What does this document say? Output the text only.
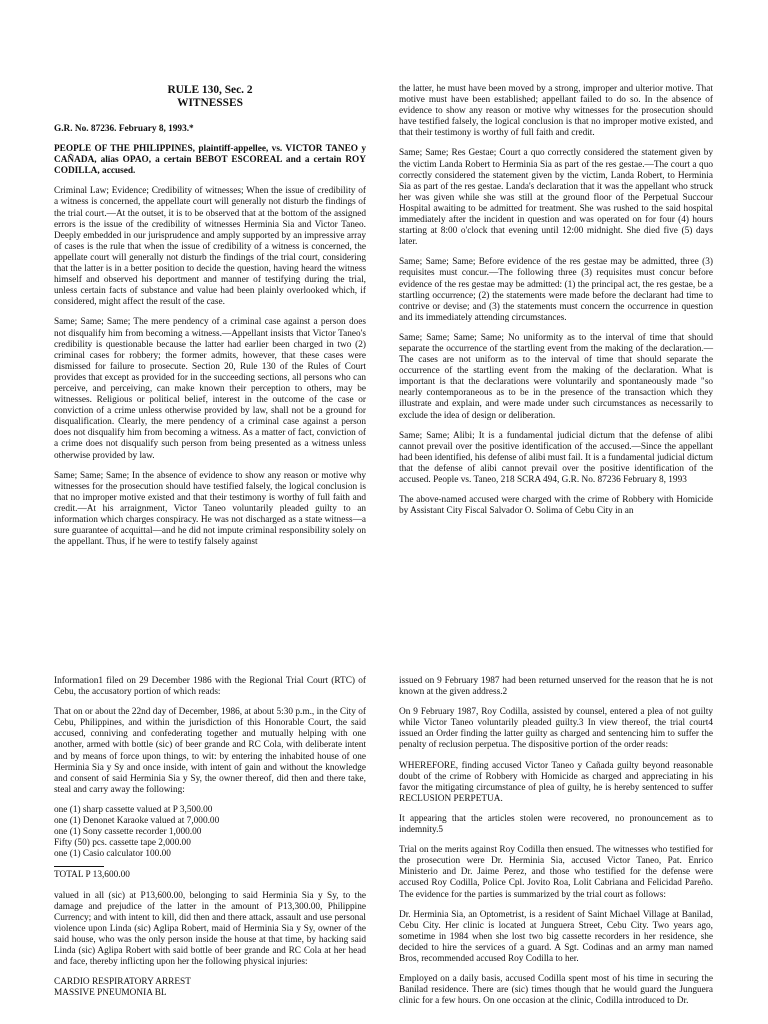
RULE 130, Sec. 2
WITNESSES

G.R. No. 87236. February 8, 1993.*

PEOPLE OF THE PHILIPPINES, plaintiff-appellee, vs. VICTOR TANEO y CAÑADA, alias OPAO, a certain BEBOT ESCOREAL and a certain ROY CODILLA, accused.

Criminal Law; Evidence; Credibility of witnesses; When the issue of credibility of a witness is concerned, the appellate court will generally not disturb the findings of the trial court.—At the outset, it is to be observed that at the bottom of the assigned errors is the issue of the credibility of witnesses Herminia Sia and Victor Taneo. Deeply embedded in our jurisprudence and amply supported by an impressive array of cases is the rule that when the issue of credibility of a witness is concerned, the appellate court will generally not disturb the findings of the trial court, considering that the latter is in a better position to decide the question, having heard the witness himself and observed his deportment and manner of testifying during the trial, unless certain facts of substance and value had been plainly overlooked which, if considered, might affect the result of the case.

Same; Same; Same; The mere pendency of a criminal case against a person does not disqualify him from becoming a witness.—Appellant insists that Victor Taneo's credibility is questionable because the latter had earlier been charged in two (2) criminal cases for robbery; the former admits, however, that these cases were dismissed for failure to prosecute. Section 20, Rule 130 of the Rules of Court provides that except as provided for in the succeeding sections, all persons who can perceive, and perceiving, can make known their perception to others, may be witnesses. Religious or political belief, interest in the outcome of the case or conviction of a crime unless otherwise provided by law, shall not be a ground for disqualification. Clearly, the mere pendency of a criminal case against a person does not disqualify him from becoming a witness. As a matter of fact, conviction of a crime does not disqualify such person from being presented as a witness unless otherwise provided by law.

Same; Same; Same; In the absence of evidence to show any reason or motive why witnesses for the prosecution should have testified falsely, the logical conclusion is that no improper motive existed and that their testimony is worthy of full faith and credit.—At his arraignment, Victor Taneo voluntarily pleaded guilty to an information which charges conspiracy. He was not discharged as a state witness—a sure guarantee of acquittal—and he did not impute criminal responsibility solely on the appellant. Thus, if he were to testify falsely against

the latter, he must have been moved by a strong, improper and ulterior motive. That motive must have been established; appellant failed to do so. In the absence of evidence to show any reason or motive why witnesses for the prosecution should have testified falsely, the logical conclusion is that no improper motive existed, and that their testimony is worthy of full faith and credit.

Same; Same; Res Gestae; Court a quo correctly considered the statement given by the victim Landa Robert to Herminia Sia as part of the res gestae.—The court a quo correctly considered the statement given by the victim, Landa Robert, to Herminia Sia as part of the res gestae. Landa's declaration that it was the appellant who struck her was given while she was still at the ground floor of the Perpetual Succour Hospital awaiting to be admitted for treatment. She was rushed to the said hospital immediately after the incident in question and was operated on for four (4) hours starting at 8:00 o'clock that evening until 12:00 midnight. She died five (5) days later.

Same; Same; Same; Before evidence of the res gestae may be admitted, three (3) requisites must concur.—The following three (3) requisites must concur before evidence of the res gestae may be admitted: (1) the principal act, the res gestae, be a startling occurrence; (2) the statements were made before the declarant had time to contrive or devise; and (3) the statements must concern the occurrence in question and its immediately attending circumstances.

Same; Same; Same; Same; No uniformity as to the interval of time that should separate the occurrence of the startling event from the making of the declaration.—The cases are not uniform as to the interval of time that should separate the occurrence of the startling event from the making of the declaration. What is important is that the declarations were voluntarily and spontaneously made "so nearly contemporaneous as to be in the presence of the transaction which they illustrate and explain, and were made under such circumstances as necessarily to exclude the idea of design or deliberation.

Same; Same; Alibi; It is a fundamental judicial dictum that the defense of alibi cannot prevail over the positive identification of the accused.—Since the appellant had been identified, his defense of alibi must fail. It is a fundamental judicial dictum that the defense of alibi cannot prevail over the positive identification of the accused. People vs. Taneo, 218 SCRA 494, G.R. No. 87236 February 8, 1993

The above-named accused were charged with the crime of Robbery with Homicide by Assistant City Fiscal Salvador O. Solima of Cebu City in an

Information1 filed on 29 December 1986 with the Regional Trial Court (RTC) of Cebu, the accusatory portion of which reads:

That on or about the 22nd day of December, 1986, at about 5:30 p.m., in the City of Cebu, Philippines, and within the jurisdiction of this Honorable Court, the said accused, conniving and confederating together and mutually helping with one another, armed with bottle (sic) of beer grande and RC Cola, with deliberate intent and by means of force upon things, to wit: by entering the inhabited house of one Herminia Sia y Sy and once inside, with intent of gain and without the knowledge and consent of said Herminia Sia y Sy, the owner thereof, did then and there take, steal and carry away the following:

one (1) sharp cassette valued at P 3,500.00

one (1) Denonet Karaoke valued at 7,000.00

one (1) Sony cassette recorder 1,000.00

Fifty (50) pcs. cassette tape 2,000.00

one (1) Casio calculator 100.00

TOTAL P 13,600.00

valued in all (sic) at P13,600.00, belonging to said Herminia Sia y Sy, to the damage and prejudice of the latter in the amount of P13,300.00, Philippine Currency; and with intent to kill, did then and there attack, assault and use personal violence upon Linda (sic) Aglipa Robert, maid of Herminia Sia y Sy, owner of the said house, who was the only person inside the house at that time, by hacking said Linda (sic) Aglipa Robert with said bottle of beer grande and RC Cola at her head and face, thereby inflicting upon her the following physical injuries:

CARDIO RESPIRATORY ARREST

MASSIVE PNEUMONIA BL

issued on 9 February 1987 had been returned unserved for the reason that he is not known at the given address.2

On 9 February 1987, Roy Codilla, assisted by counsel, entered a plea of not guilty while Victor Taneo voluntarily pleaded guilty.3 In view thereof, the trial court4 issued an Order finding the latter guilty as charged and sentencing him to suffer the penalty of reclusion perpetua. The dispositive portion of the order reads:

WHEREFORE, finding accused Victor Taneo y Cañada guilty beyond reasonable doubt of the crime of Robbery with Homicide as charged and appreciating in his favor the mitigating circumstance of plea of guilty, he is hereby sentenced to suffer RECLUSION PERPETUA.

It appearing that the articles stolen were recovered, no pronouncement as to indemnity.5

Trial on the merits against Roy Codilla then ensued. The witnesses who testified for the prosecution were Dr. Herminia Sia, accused Victor Taneo, Pat. Enrico Ministerio and Dr. Jaime Perez, and those who testified for the defense were accused Roy Codilla, Police Cpl. Jovito Roa, Lolit Cabriana and Felicidad Pareño. The evidence for the parties is summarized by the trial court as follows:

Dr. Herminia Sia, an Optometrist, is a resident of Saint Michael Village at Banilad, Cebu City. Her clinic is located at Junguera Street, Cebu City. Two years ago, sometime in 1984 when she lost two big cassette recorders in her residence, she decided to hire the services of a guard. A Sgt. Codinas and an army man named Bros, recommended accused Roy Codilla to her.

Employed on a daily basis, accused Codilla spent most of his time in securing the Banilad residence. There are (sic) times though that he would guard the Junguera clinic for a few hours. On one occasion at the clinic, Codilla introduced to Dr.
